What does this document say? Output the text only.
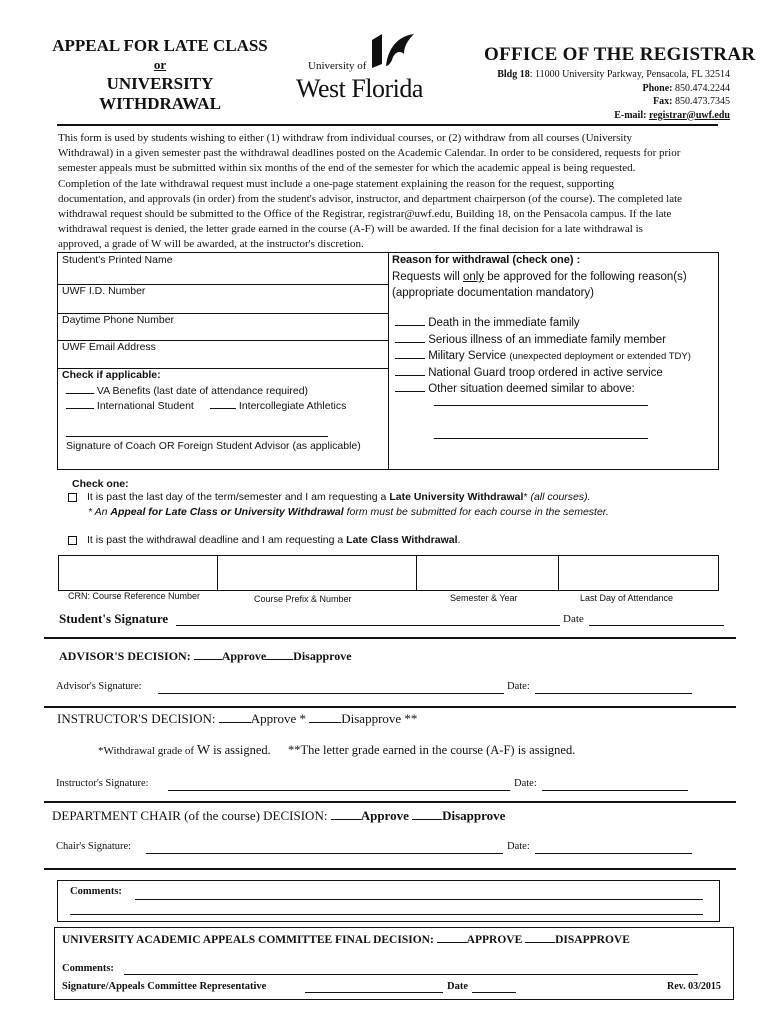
APPEAL FOR LATE CLASS
or
UNIVERSITY
WITHDRAWAL
University of
West Florida
OFFICE OF THE REGISTRAR
Bldg 18: 11000 University Parkway, Pensacola, FL 32514
Phone: 850.474.2244
Fax: 850.473.7345
E-mail: registrar@uwf.edu
This form is used by students wishing to either (1) withdraw from individual courses, or (2) withdraw from all courses (University
Withdrawal) in a given semester past the withdrawal deadlines posted on the Academic Calendar. In order to be considered, requests for prior
semester appeals must be submitted within six months of the end of the semester for which the academic appeal is being requested.
Completion of the late withdrawal request must include a one-page statement explaining the reason for the request, supporting
documentation, and approvals (in order) from the student's advisor, instructor, and department chairperson (of the course). The completed late
withdrawal request should be submitted to the Office of the Registrar, registrar@uwf.edu, Building 18, on the Pensacola campus. If the late
withdrawal request is denied, the letter grade earned in the course (A-F) will be awarded. If the final decision for a late withdrawal is
approved, a grade of W will be awarded, at the instructor's discretion.
Student's Printed Name
UWF I.D. Number
Daytime Phone Number
UWF Email Address
Check if applicable:
VA Benefits (last date of attendance required)
International Student	Intercollegiate Athletics
Signature of Coach OR Foreign Student Advisor (as applicable)
Reason for withdrawal (check one) :
Requests will only be approved for the following reason(s)
(appropriate documentation mandatory)
Death in the immediate family
Serious illness of an immediate family member
Military Service (unexpected deployment or extended TDY)
National Guard troop ordered in active service
Other situation deemed similar to above:
Check one:
It is past the last day of the term/semester and I am requesting a Late University Withdrawal* (all courses).
* An Appeal for Late Class or University Withdrawal form must be submitted for each course in the semester.
It is past the withdrawal deadline and I am requesting a Late Class Withdrawal.
CRN: Course Reference Number	Course Prefix & Number	Semester & Year	Last Day of Attendance
Student's Signature	Date
ADVISOR'S DECISION:	Approve Disapprove
Advisor's Signature:	Date:
INSTRUCTOR'S DECISION:	Approve *	Disapprove **
*Withdrawal grade of W is assigned. **The letter grade earned in the course (A-F) is assigned.
Instructor's Signature:	Date:
DEPARTMENT CHAIR (of the course) DECISION:	Approve	Disapprove
Chair's Signature:	Date:
Comments:
UNIVERSITY ACADEMIC APPEALS COMMITTEE FINAL DECISION:	APPROVE	DISAPPROVE
Comments:
Signature/Appeals Committee Representative	Date	Rev. 03/2015
